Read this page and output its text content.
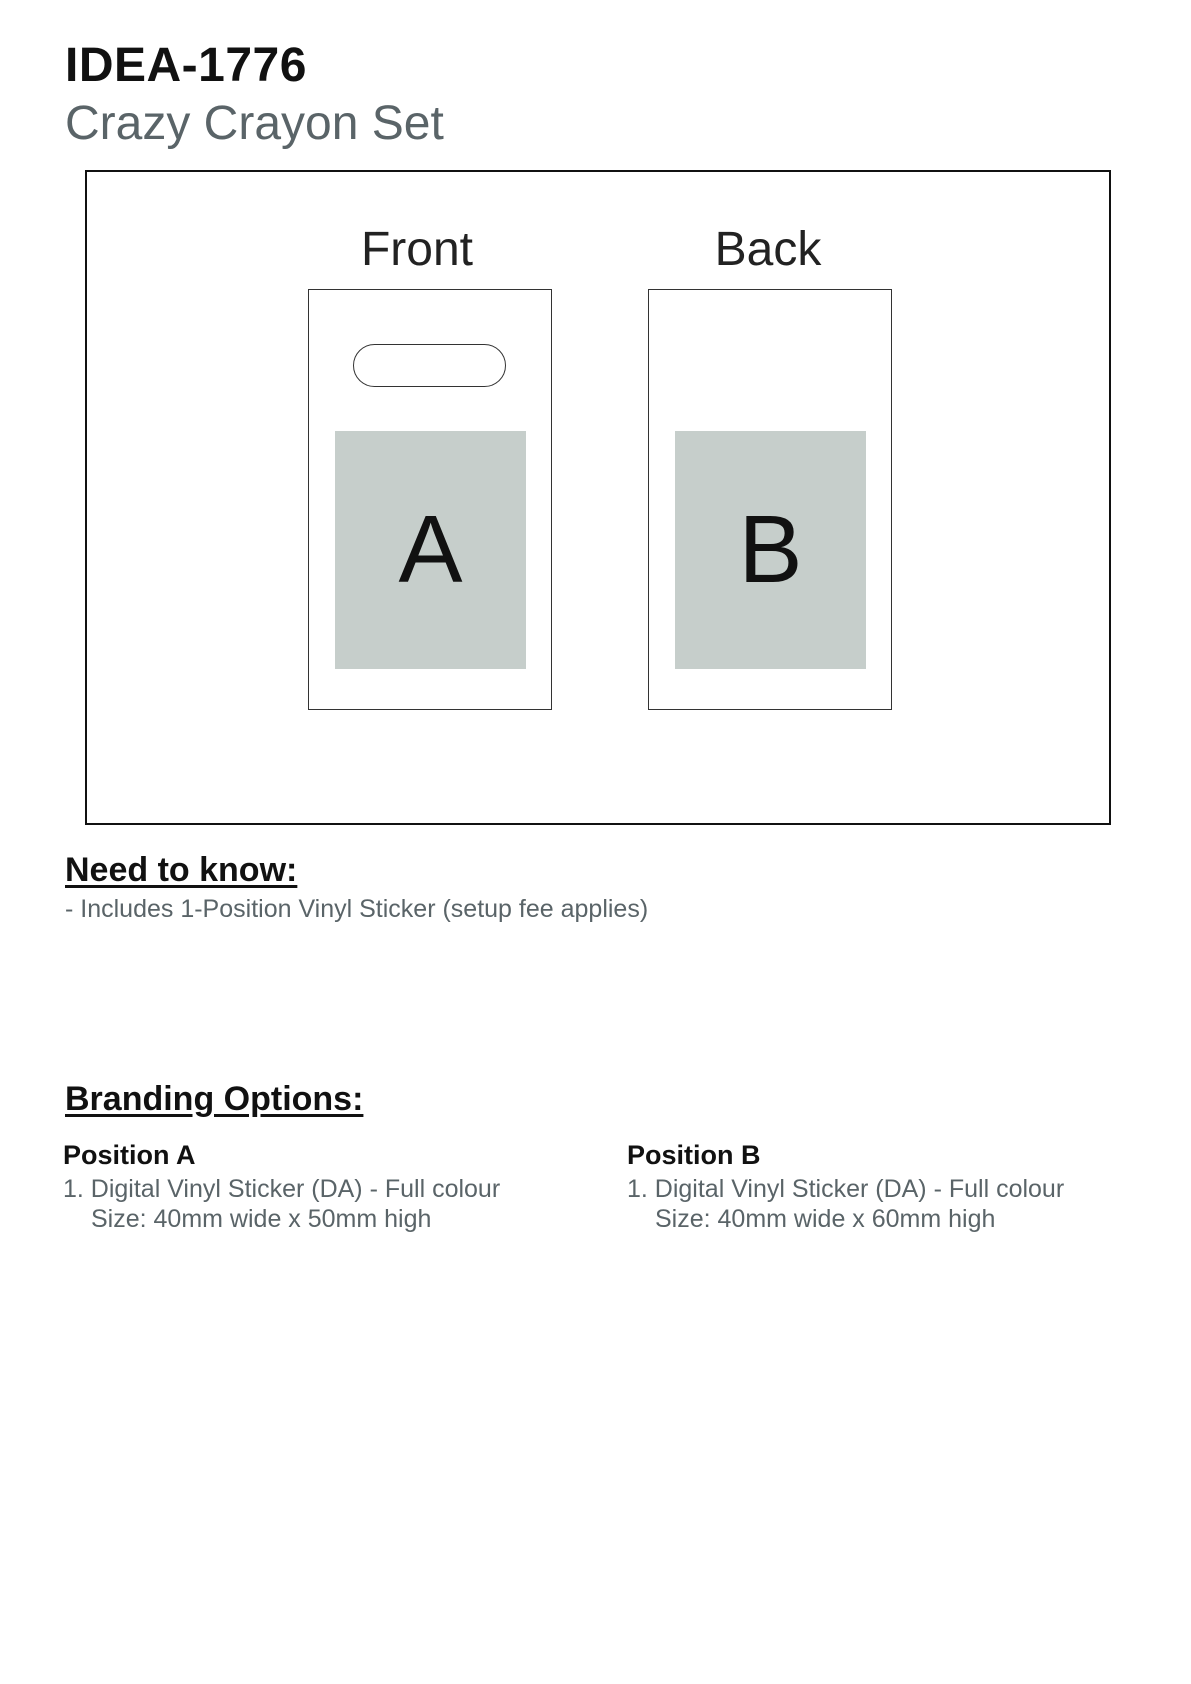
IDEA-1776
Crazy Crayon Set
Front	Back
A	B
Need to know:
- Includes 1-Position Vinyl Sticker (setup fee applies)
Branding Options:
Position A
1. Digital Vinyl Sticker (DA) - Full colour
Size: 40mm wide x 50mm high
Position B
1. Digital Vinyl Sticker (DA) - Full colour
Size: 40mm wide x 60mm high
